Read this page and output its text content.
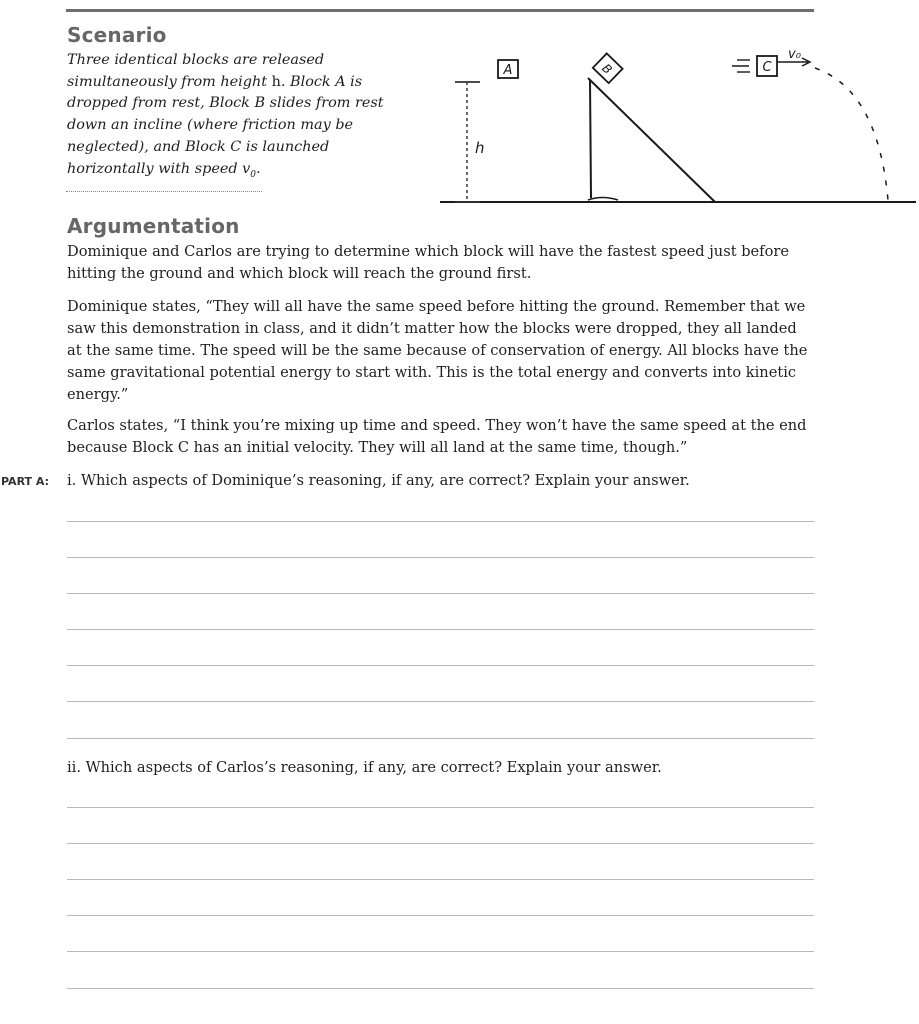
Scenario

Three identical blocks are released simultaneously from height h. Block A is dropped from rest, Block B slides from rest down an incline (where friction may be neglected), and Block C is launched horizontally with speed $v_0$.

h
A	B	C
v₀
Argumentation

Dominique and Carlos are trying to determine which block will have the fastest speed just before hitting the ground and which block will reach the ground first.

Dominique states, “They will all have the same speed before hitting the ground. Remember that we saw this demonstration in class, and it didn’t matter how the blocks were dropped, they all landed at the same time. The speed will be the same because of conservation of energy. All blocks have the same gravitational potential energy to start with. This is the total energy and converts into kinetic energy.”

Carlos states, “I think you’re mixing up time and speed. They won’t have the same speed at the end because Block C has an initial velocity. They will all land at the same time, though.”

PART A: i. Which aspects of Dominique’s reasoning, if any, are correct? Explain your answer.
ii. Which aspects of Carlos’s reasoning, if any, are correct? Explain your answer.
